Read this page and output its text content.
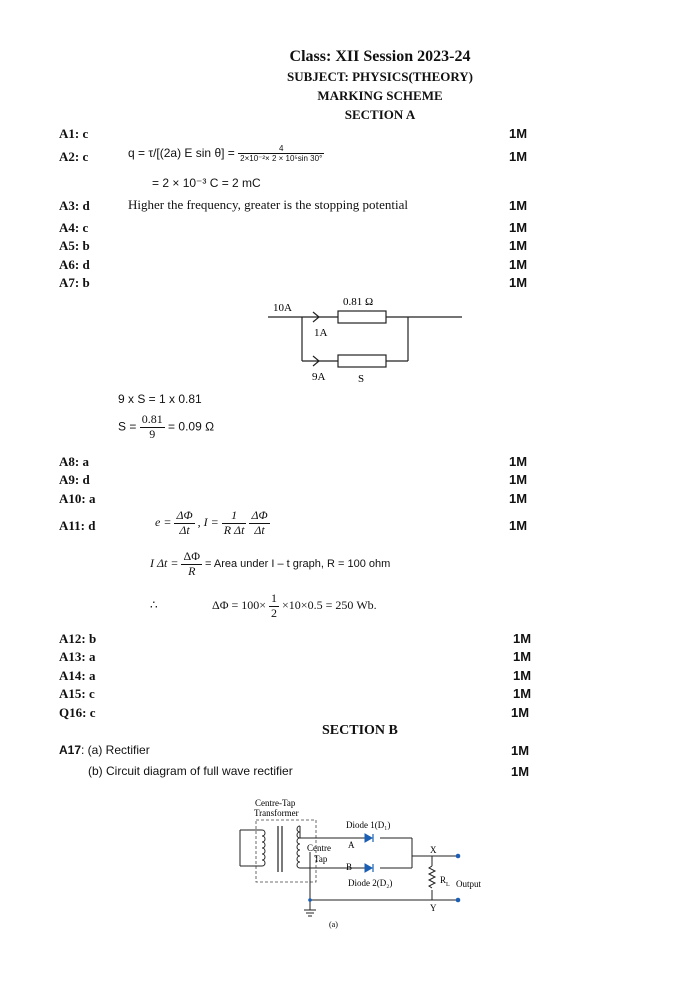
Class: XII Session 2023-24
SUBJECT: PHYSICS(THEORY)
MARKING SCHEME
SECTION A
A1: c	1M
A2: c	q = τ/[(2a) E $\sin \theta] = \frac{4}{\text{2×10⁻²× 2 × 10⁵sin 30°}}$	1M
= 2 × 10⁻³ C = 2 mC
A3: d	Higher the frequency, greater is the stopping potential	1M
A4: c	1M
A5: b	1M
A6: d	1M
A7: b	1M
10A	0.81 Ω
1A
9A	S
9 x S = 1 x 0.81
$S = \frac{0.81}{9} = 0.09$ Ω
A8: a	1M
A9: d	1M
A10: a	1M
A11: d	1M
$e = \frac{\Delta\Phi}{\Delta t}$ , $I = \frac{1}{\text{R Δt}}$
$\frac{\Delta\Phi}{\Delta t}$
I $\Delta t = \frac{\Delta\Phi}{R}$ = Area under I – t graph, R = 100 ohm
∴	$\Delta\Phi = 100\times \frac{1}{2} \times 10\times 0.5 = 250$ Wb.
A12: b	1M
A13: a	1M
A14: a	1M
A15: c	1M
Q16: c	1M
SECTION B
A17: (a) Rectifier	1M
(b) Circuit diagram of full wave rectifier	1M
Centre-Tap
Transformer
Diode 1(D₁)
A
Centre
Tap
B
Diode 2(D₂)
X
R L Output
Y
(a)
